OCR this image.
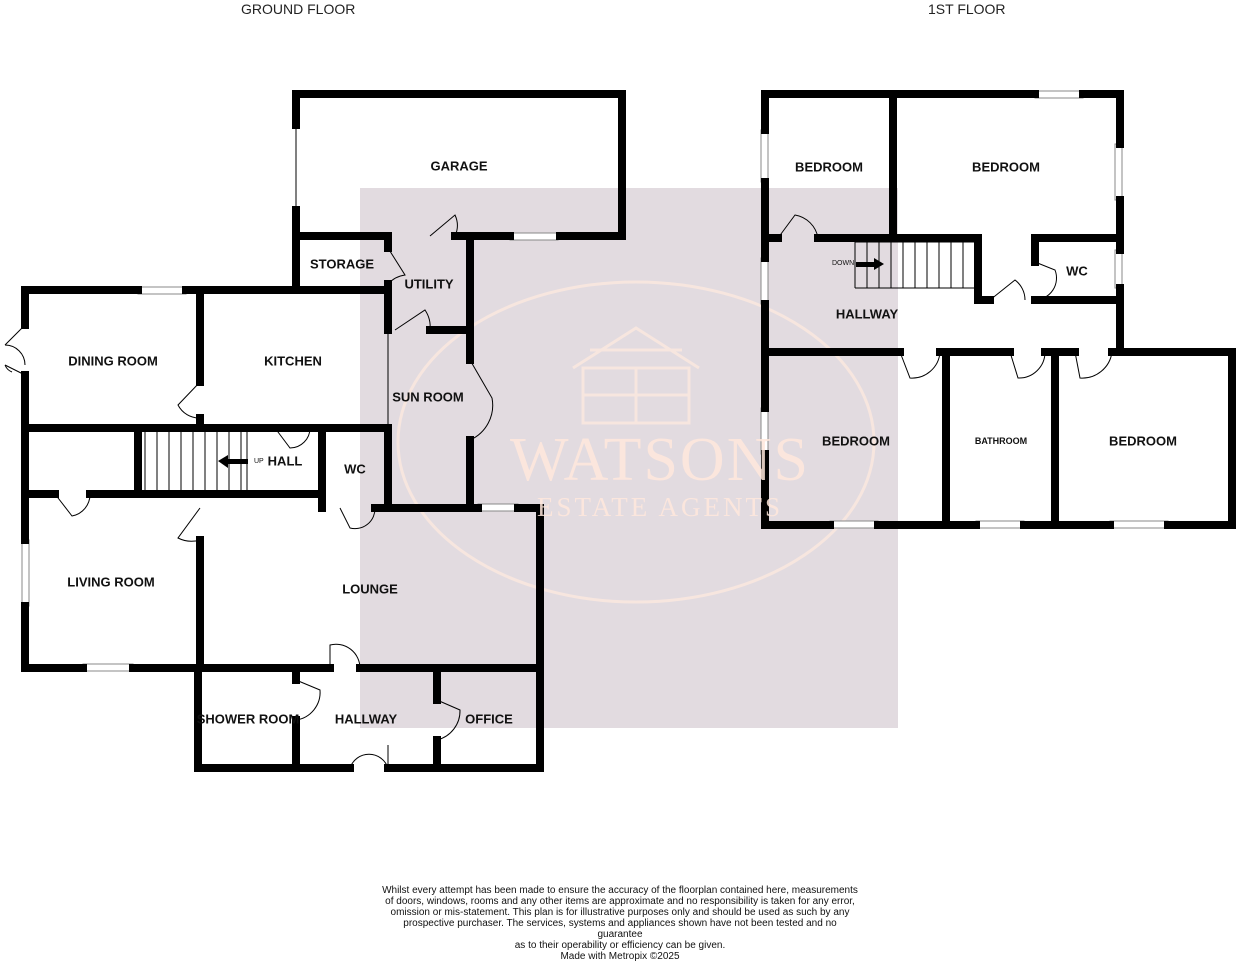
WATSONS
ESTATE AGENTS
GROUND FLOOR	1ST FLOOR
GARAGE
STORAGE
UTILITY
DINING ROOM	KITCHEN
SUN ROOM
HALL
UP	WC
LIVING ROOM	LOUNGE
SHOWER ROOM	HALLWAY	OFFICE
BEDROOM	BEDROOM
WC
DOWN
HALLWAY
BEDROOM	BATHROOM	BEDROOM
Whilst every attempt has been made to ensure the accuracy of the floorplan contained here, measurements
of doors, windows, rooms and any other items are approximate and no responsibility is taken for any error,
omission or mis-statement. This plan is for illustrative purposes only and should be used as such by any
prospective purchaser. The services, systems and appliances shown have not been tested and no guarantee
as to their operability or efficiency can be given.
Made with Metropix ©2025
